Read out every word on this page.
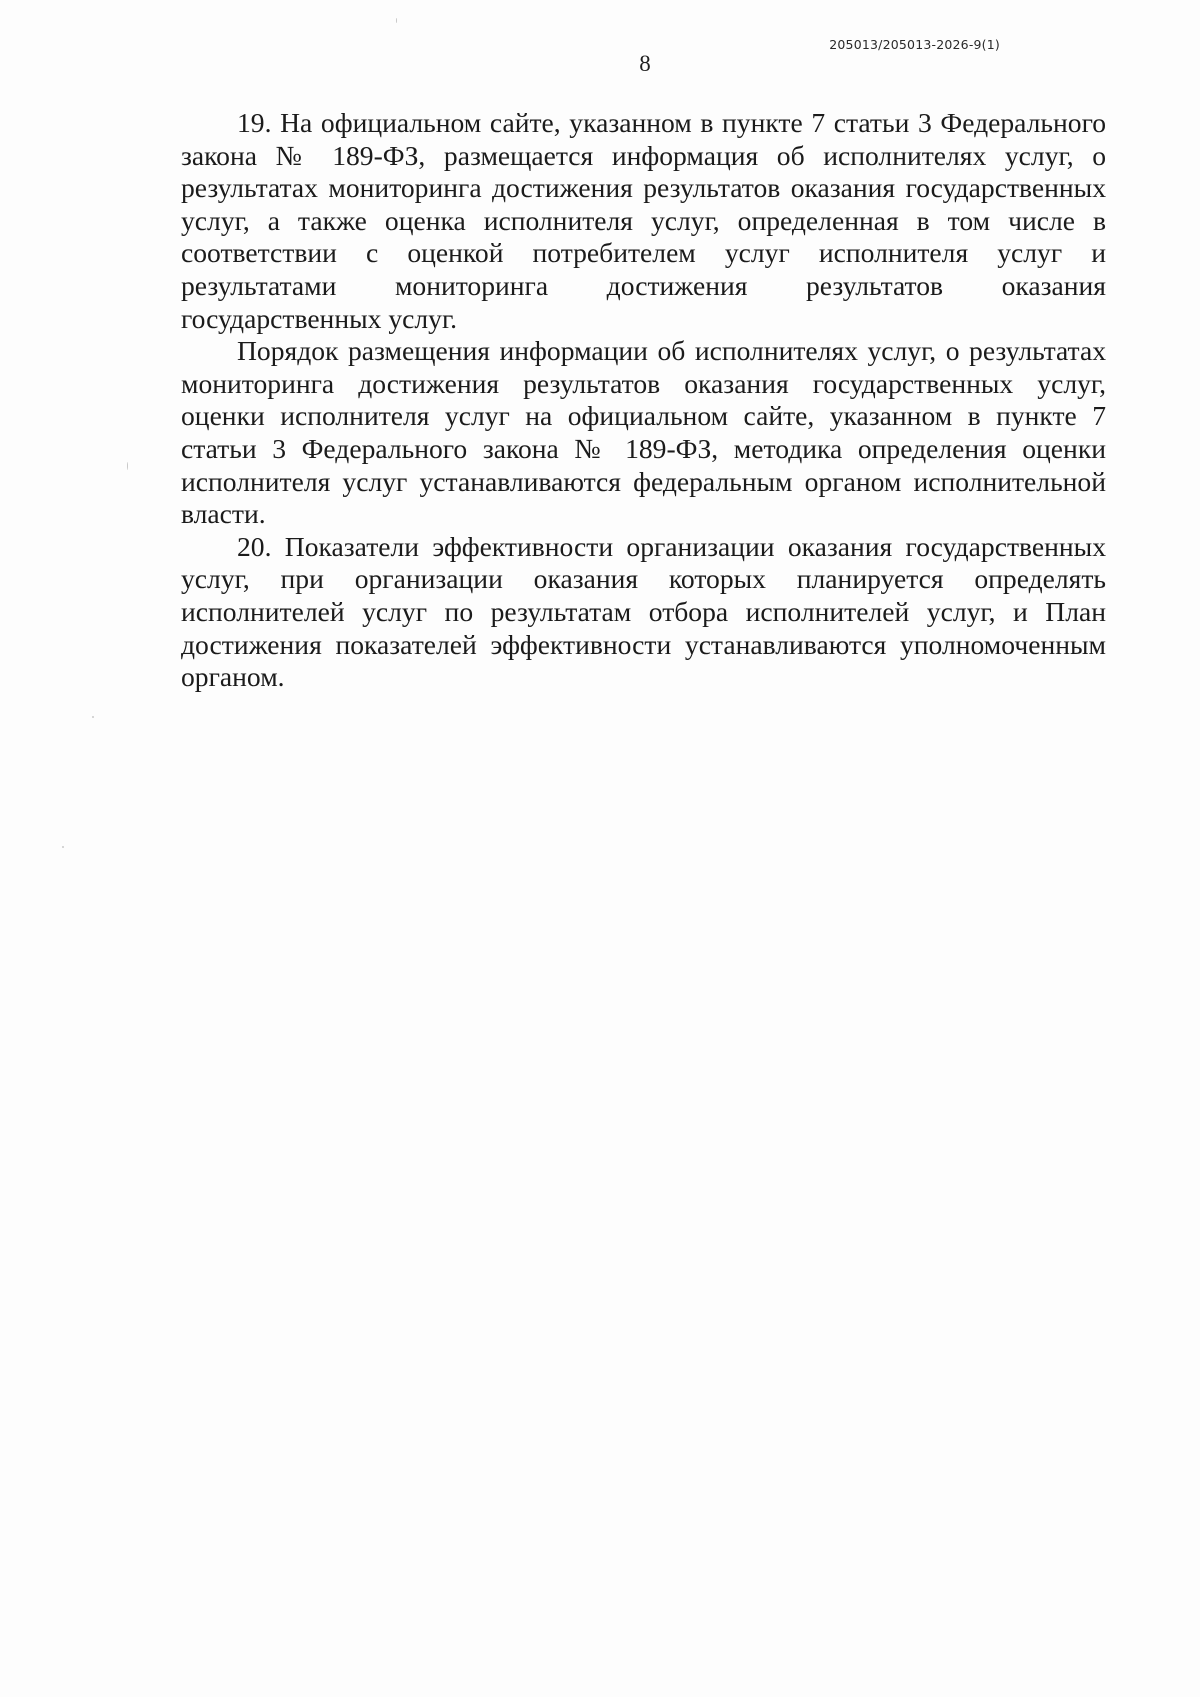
205013/205013-2026-9(1)
8

19. На официальном сайте, указанном в пункте 7 статьи 3 Федерального закона № 189-ФЗ, размещается информация об исполнителях услуг, о результатах мониторинга достижения результатов оказания государственных услуг, а также оценка исполнителя услуг, определенная в том числе в соответствии с оценкой потребителем услуг исполнителя услуг и результатами мониторинга достижения результатов оказания государственных услуг.

Порядок размещения информации об исполнителях услуг, о результатах мониторинга достижения результатов оказания государственных услуг, оценки исполнителя услуг на официальном сайте, указанном в пункте 7 статьи 3 Федерального закона № 189-ФЗ, методика определения оценки исполнителя услуг устанавливаются федеральным органом исполнительной власти.

20. Показатели эффективности организации оказания государственных услуг, при организации оказания которых планируется определять исполнителей услуг по результатам отбора исполнителей услуг, и План достижения показателей эффективности устанавливаются уполномоченным органом.
